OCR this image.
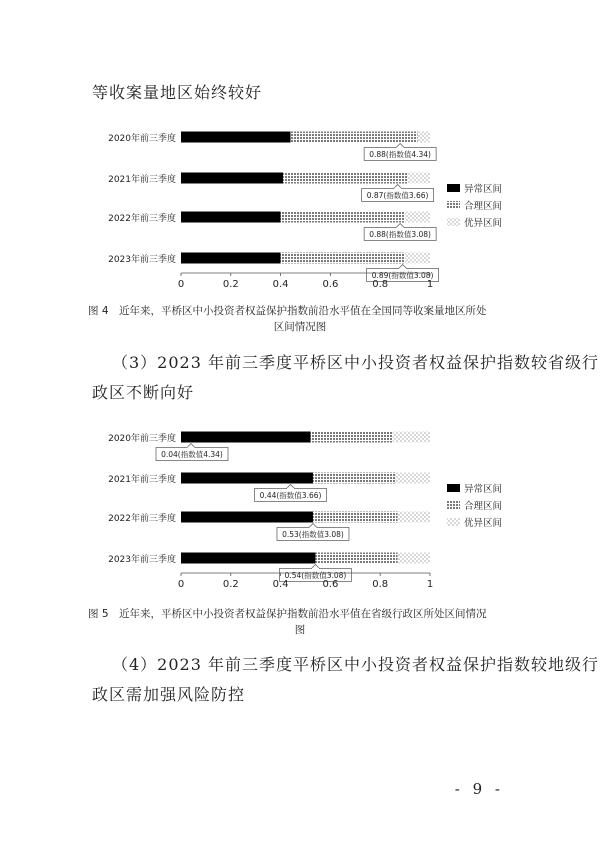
等收案量地区始终较好
2020年前三季度
0.88(指数值4.34)
2021年前三季度
0.87(指数值3.66)
2022年前三季度
0.88(指数值3.08)
2023年前三季度
0.89(指数值3.08)
0	0.2	0.4	0.6	0.8	1
异常区间
合理区间
优异区间
图 4　近年来，平桥区中小投资者权益保护指数前沿水平值在全国同等收案量地区所处
区间情况图
（3）2023 年前三季度平桥区中小投资者权益保护指数较省级行
政区不断向好
2020年前三季度
0.04(指数值4.34)
2021年前三季度
0.44(指数值3.66)
2022年前三季度
0.53(指数值3.08)
2023年前三季度
0.54(指数值3.08)
0	0.2	0.4	0.6	0.8	1
异常区间
合理区间
优异区间
图 5　近年来，平桥区中小投资者权益保护指数前沿水平值在省级行政区所处区间情况
图
（4）2023 年前三季度平桥区中小投资者权益保护指数较地级行
政区需加强风险防控
- 9 -
